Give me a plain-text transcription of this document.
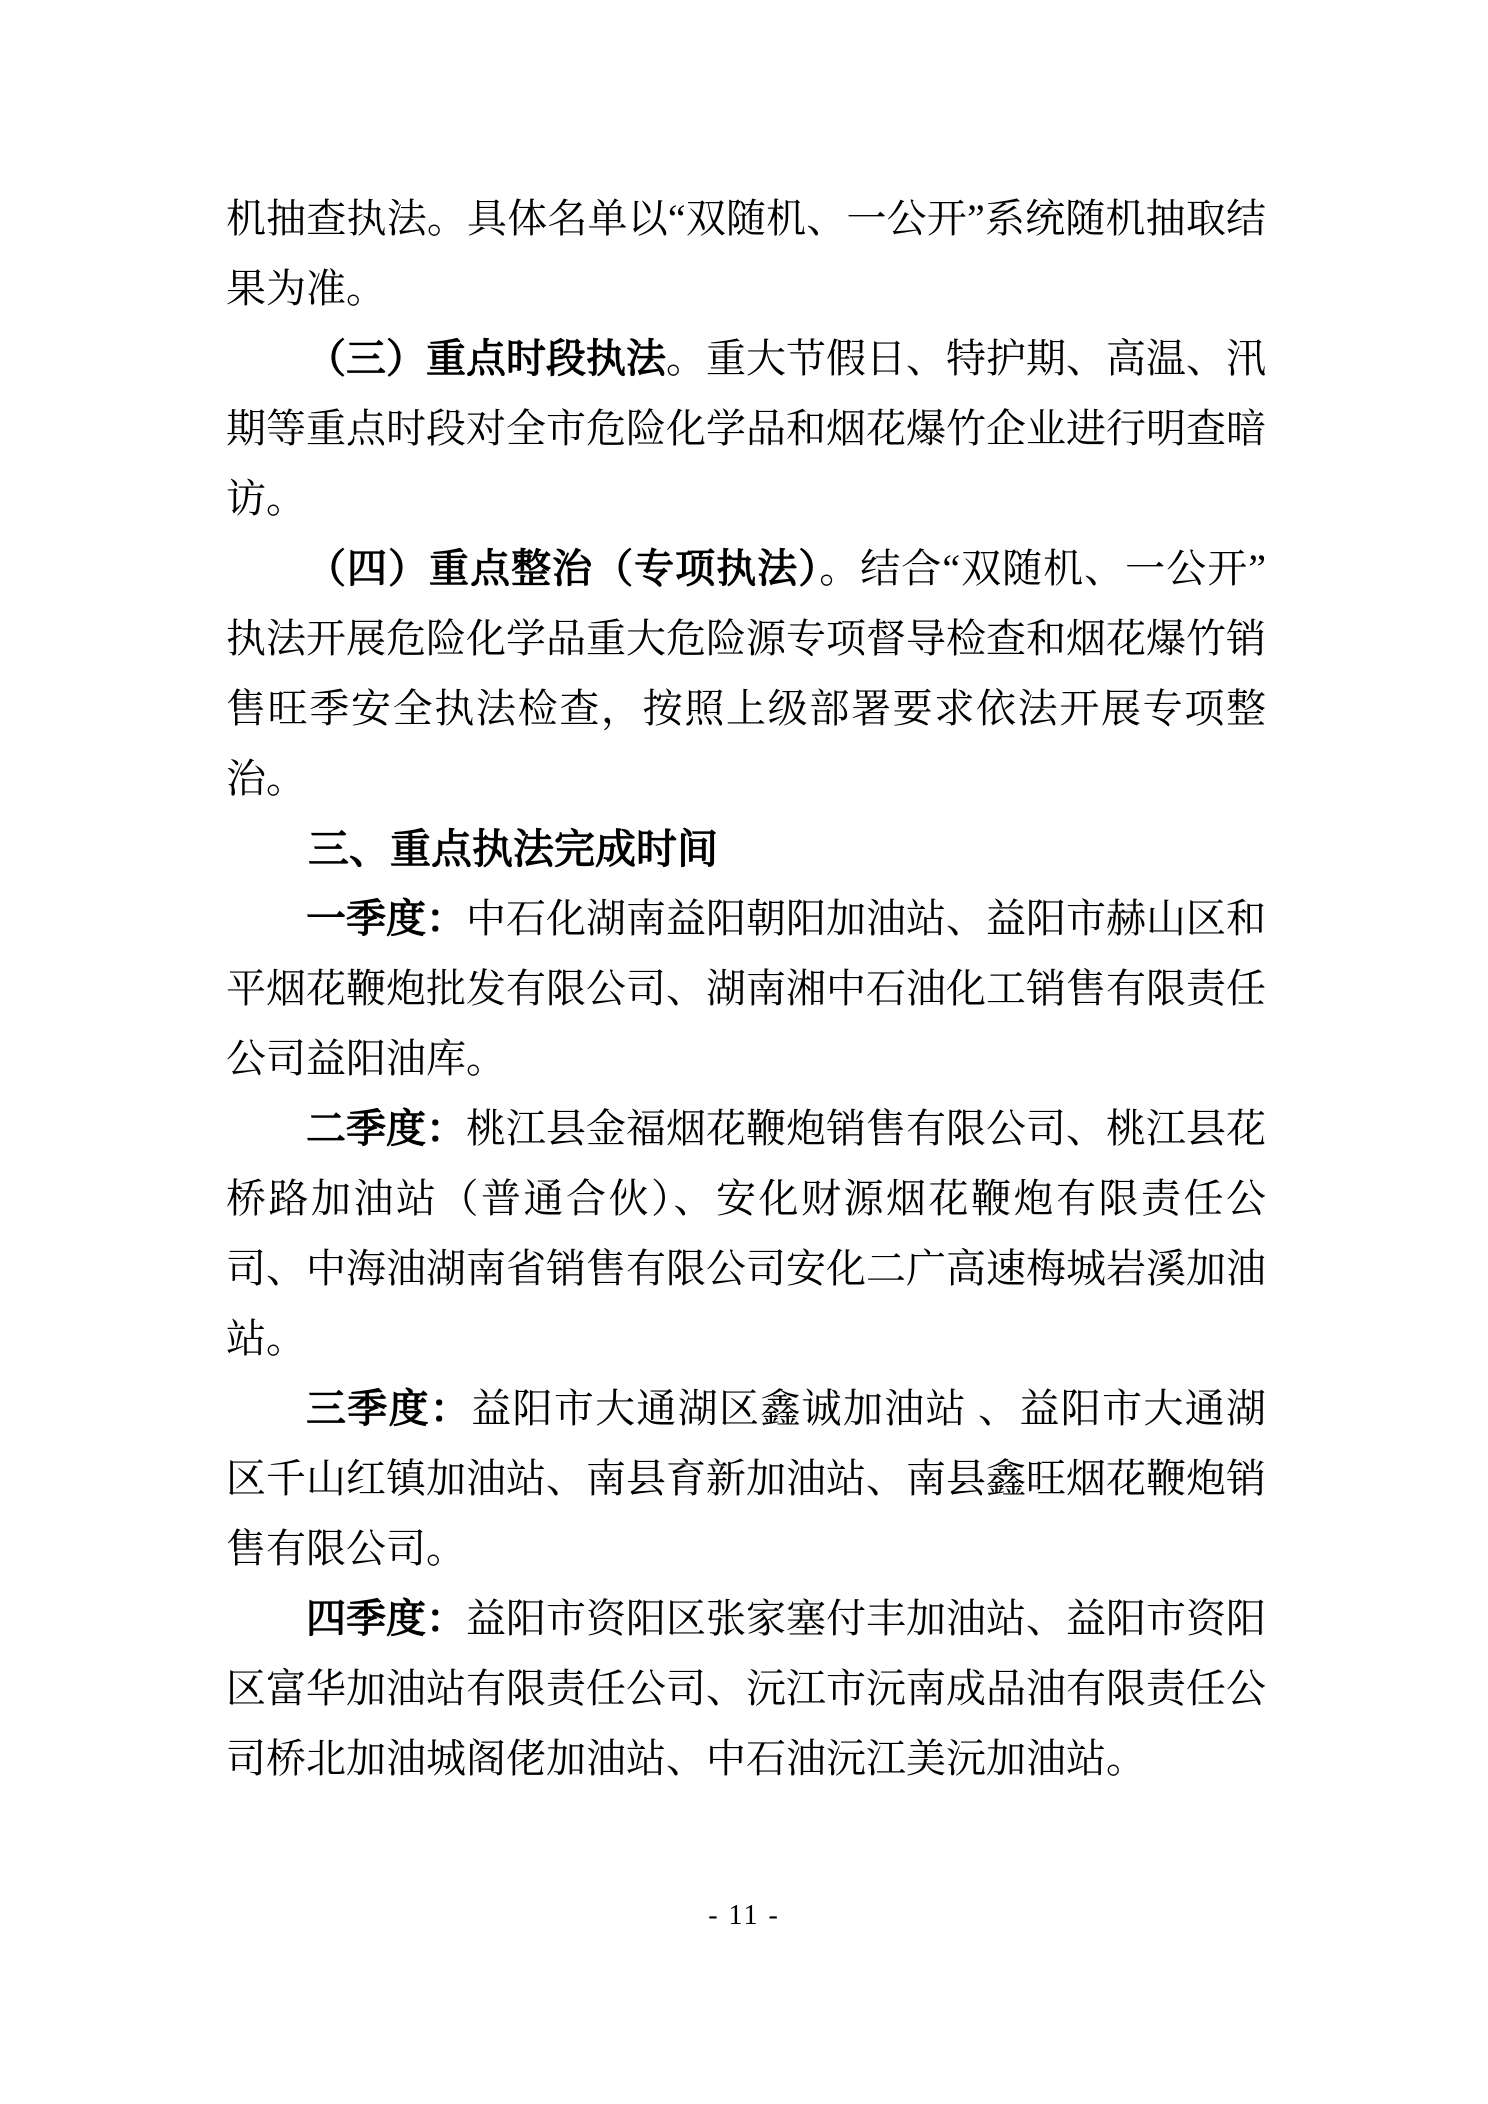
机抽查执法。具体名单以“双随机、一公开”系统随机抽取结果为准。

（三）重点时段执法。重大节假日、特护期、高温、汛期等重点时段对全市危险化学品和烟花爆竹企业进行明查暗访。

（四）重点整治（专项执法）。结合“双随机、一公开”执法开展危险化学品重大危险源专项督导检查和烟花爆竹销售旺季安全执法检查，按照上级部署要求依法开展专项整治。

三、重点执法完成时间

一季度：中石化湖南益阳朝阳加油站、益阳市赫山区和平烟花鞭炮批发有限公司、湖南湘中石油化工销售有限责任公司益阳油库。

二季度：桃江县金福烟花鞭炮销售有限公司、桃江县花桥路加油站（普通合伙）、安化财源烟花鞭炮有限责任公司、中海油湖南省销售有限公司安化二广高速梅城岩溪加油站。

三季度：益阳市大通湖区鑫诚加油站 、益阳市大通湖区千山红镇加油站、南县育新加油站、南县鑫旺烟花鞭炮销售有限公司。

四季度：益阳市资阳区张家塞付丰加油站、益阳市资阳区富华加油站有限责任公司、沅江市沅南成品油有限责任公司桥北加油城阁佬加油站、中石油沅江美沅加油站。

- 11 -
